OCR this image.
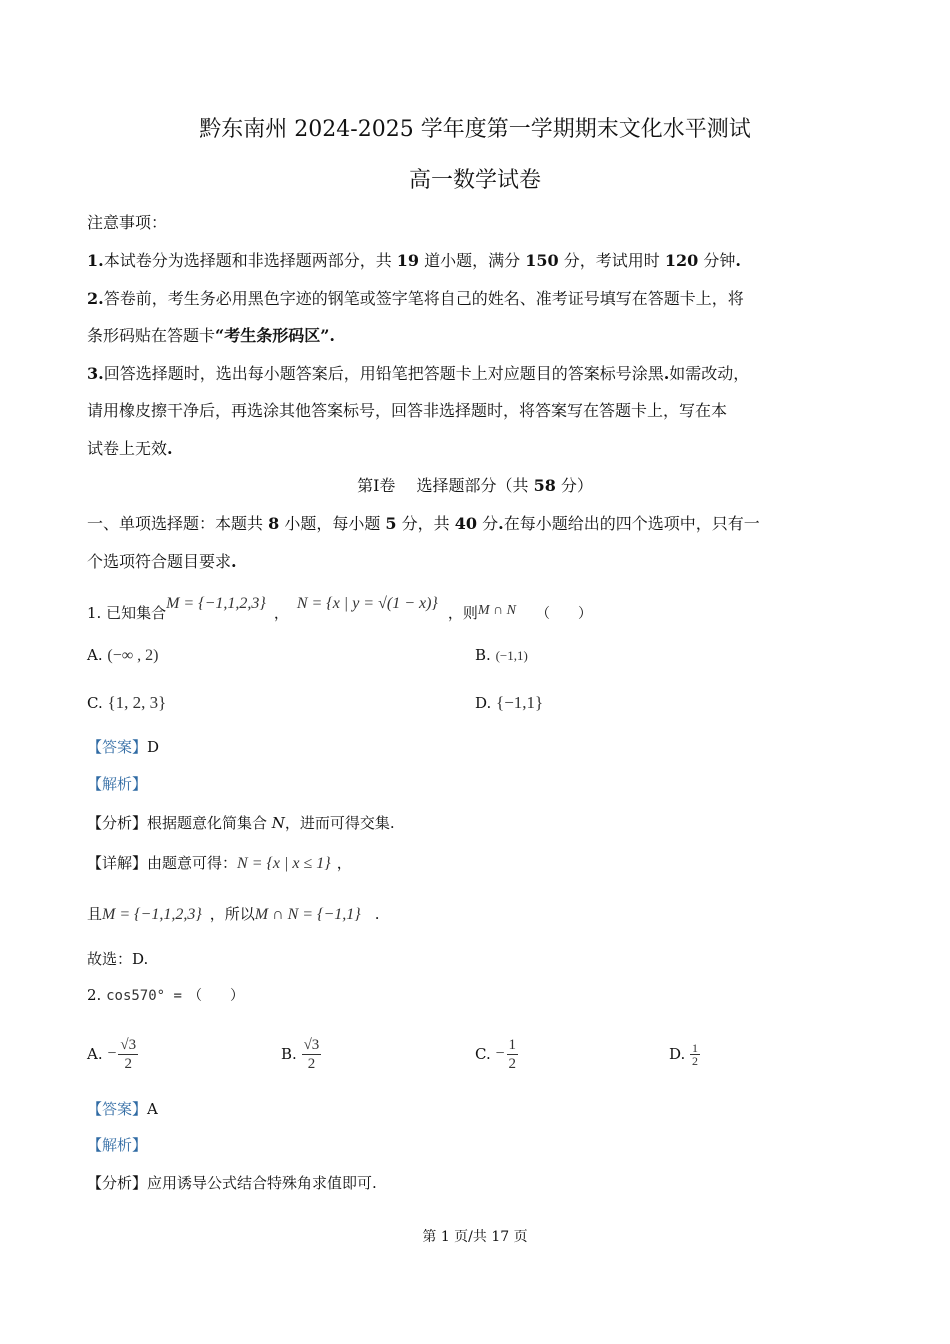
黔东南州 2024-2025 学年度第一学期期末文化水平测试
高一数学试卷
注意事项：
1.本试卷分为选择题和非选择题两部分，共 19 道小题，满分 150 分，考试用时 120 分钟.
2.答卷前，考生务必用黑色字迹的钢笔或签字笔将自己的姓名、准考证号填写在答题卡上，将
条形码贴在答题卡“考生条形码区”.
3.回答选择题时，选出每小题答案后，用铅笔把答题卡上对应题目的答案标号涂黑.如需改动，
请用橡皮擦干净后，再选涂其他答案标号，回答非选择题时，将答案写在答题卡上，写在本
试卷上无效.
第Ⅰ卷　 选择题部分（共 58 分）
一、单项选择题：本题共 8 小题，每小题 5 分，共 40 分.在每小题给出的四个选项中，只有一
个选项符合题目要求.
1. 已知集合M = {−1,1,2,3}，N = {x | y = √(1 − x)}，则M ∩ N （　　）
A. (−∞ , 2)	B. (−1,1)
C. {1, 2, 3}	D. {−1,1}
【答案】D
【解析】
【分析】根据题意化简集合 N，进而可得交集.
【详解】由题意可得：N = {x | x ≤ 1} ，
且M = {−1,1,2,3} ，所以M ∩ N = {−1,1} .
故选：D.
2. cos570° = （　　）
A. − $\frac{√3}{2}$	B. $\frac{√3}{2}$	C. − $\frac{1}{2}$	D. $\frac{1}{2}$
【答案】A
【解析】
【分析】应用诱导公式结合特殊角求值即可.
第 1 页/共 17 页
